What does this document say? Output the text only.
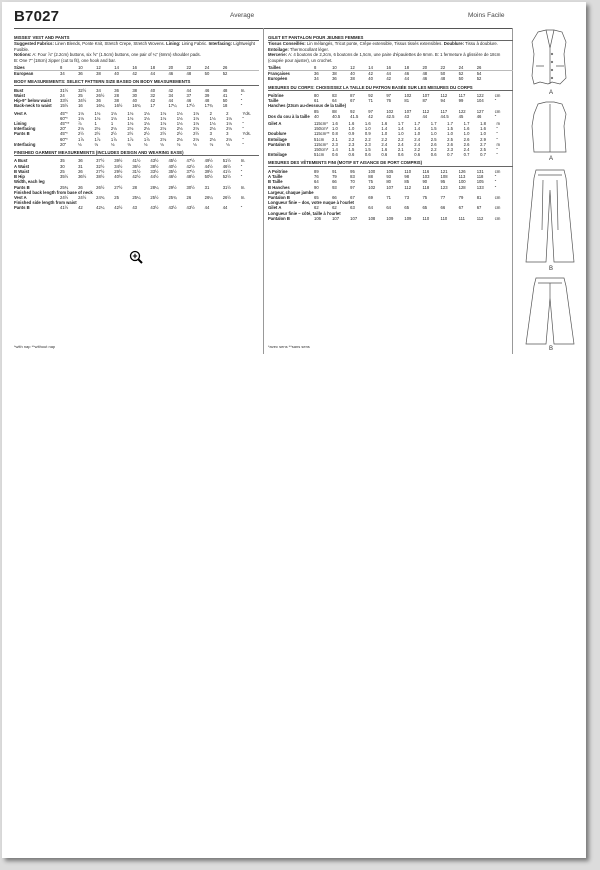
B7027	Average	Moins Facile
MISSES' VEST AND PANTS

Suggested Fabrics: Linen Blends, Ponte Knit, Stretch Crepe, Stretch Wovens. Lining: Lining Fabric. Interfacing: Lightweight Fusible.

Notions: A: Four ⅞" (2.2cm) buttons, six ⅝" (1.5cm) buttons, one pair of ¼" (6mm) shoulder pads.

B: One 7" (18cm) zipper (cut to fit), one hook and bar.

Sizes	8	10	12	14	16	18	20	22	24	26	
European	34	36	38	40	42	44	46	48	50	52	
BODY MEASUREMENTS: SELECT PATTERN SIZE BASED ON BODY MEASUREMENTS
Bust	31½	32½	34	36	38	40	42	44	46	48	In.
Waist	24	25	26½	28	30	32	34	37	39	41	"
Hip-9" below waist	33½	34½	36	38	40	42	44	46	48	50	"
Back-neck to waist	15½	16	16¼	16½	16¾	17	17¼	17½	17¾	18	"
Vest A	45"*	1⅛	1⅛	1⅛	1⅛	1⅛	1⅛	1⅛	1⅛	2	2	Yds.
	60"*	1⅛	1⅛	1⅛	1⅛	1⅛	1⅛	1⅛	1⅛	1⅛	1⅛	"
Lining	45"**	⅞	1	1	1⅛	1⅛	1⅛	1⅛	1⅛	1⅛	1⅛	"
Interfacing	20"	2⅛	2⅛	2⅛	2⅛	2⅛	2⅛	2⅛	2⅛	2⅛	2⅛	"
Pants B	45"*	2½	2½	2½	2½	2½	2½	2½	2½	3	3	Yds.
	60"*	1⅞	1⅞	1⅞	1⅞	1⅞	2⅛	2⅛	2⅛	2⅛	2⅛	"
Interfacing	20"	⅛	⅛	⅛	⅛	⅛	⅛	⅛	⅛	⅛	⅛	"
FINISHED GARMENT MEASUREMENTS (INCLUDES DESIGN AND WEARING EASE)
A Bust	35	36	37½	39½	41½	43½	45½	47½	49½	51½	In.
A Waist	30	31	32½	34½	36½	38½	40½	42½	44½	46½	"
B Waist	25	26	27½	29½	31½	33½	35½	37½	39½	41½	"
B Hip	35½	36½	38½	40½	42½	44½	46½	48½	50½	52½	"
Width, each leg											
Pants B	25¾	26	26½	27½	28	28¼	29½	30½	31	31½	In.
Finished back length from base of neck											
Vest A	24½	24½	24¾	25	25¼	25½	25¾	26	26¼	26½	In.
Finished side length from waist											
Pants B	41½	42	42¼	42½	43	43½	43½	43½	44	44	"
*with nap **without nap
GILET ET PANTALON POUR JEUNES FEMMES

Tissus Conseillés: Lin mélangés, Tricot ponte, Crêpe extensible, Tissus tissés extensibles. Doublure: Tissu à doublure. Entoilage: Thermocollant léger.

Mercerie: A: 4 boutons de 2,2cm, 6 boutons de 1,5cm, une paire d'épaulettes de 6mm. B: 1 fermeture à glissière de 18cm (coupée pour ajuster), un crochet.

Tailles	8	10	12	14	16	18	20	22	24	26	
Françaises	36	38	40	42	44	46	48	50	52	54	
Européen	34	36	38	40	42	44	46	48	50	52	
MESURES DU CORPS: CHOISISSEZ LA TAILLE DU PATRON BASÉE SUR LES MESURES DU CORPS
Poitrine	80	83	87	92	97	102	107	112	117	122	cm
Taille	61	64	67	71	76	81	87	94	99	104	"
Hanches (23cm au-dessous de la taille)											
	85	88	92	97	102	107	112	117	122	127	cm
Dos du cou à la taille	40	40.5	41.5	42	42.5	43	44	44.5	45	46	"
Gilet A	115cm*	1.6	1.6	1.6	1.6	1.7	1.7	1.7	1.7	1.7	1.8	m
	150cm*	1.0	1.0	1.0	1.4	1.4	1.4	1.5	1.5	1.6	1.6	"
Doublure	115cm**	0.8	0.9	0.9	1.0	1.0	1.0	1.0	1.0	1.0	1.0	"
Entoilage	51cm	2.1	2.2	2.2	2.2	2.2	2.4	2.5	2.5	2.6	2.9	"
Pantalon B	115cm*	2.3	2.3	2.3	2.4	2.4	2.4	2.6	2.6	2.6	2.7	m
	150cm*	1.4	1.5	1.5	1.6	2.1	2.2	2.2	2.3	2.4	2.5	"
Entoilage	51cm	0.6	0.6	0.6	0.6	0.6	0.6	0.6	0.7	0.7	0.7	"
MESURES DES VÊTEMENTS FINI (MOTIF ET AISANCE DE PORT COMPRIS)
A Poitrine	89	91	95	100	105	110	116	121	126	131	cm
A Taille	76	79	83	88	93	98	103	108	113	118	"
B Taille	64	66	70	75	80	85	90	95	100	105	"
B Hanches	90	93	97	102	107	112	118	123	128	133	"
Largeur, chaque jambe											
Pantalon B	65	66	67	69	71	73	75	77	79	81	cm
Longueur finie – dos, votre nuque à l'ourlet											
Gilet A	62	62	63	64	64	65	65	66	67	67	cm
Longueur finie – côté, taille à l'ourlet											
Pantalon B	106	107	107	108	109	109	110	110	111	112	cm
*avec sens **sans sens
A
A
B
B
